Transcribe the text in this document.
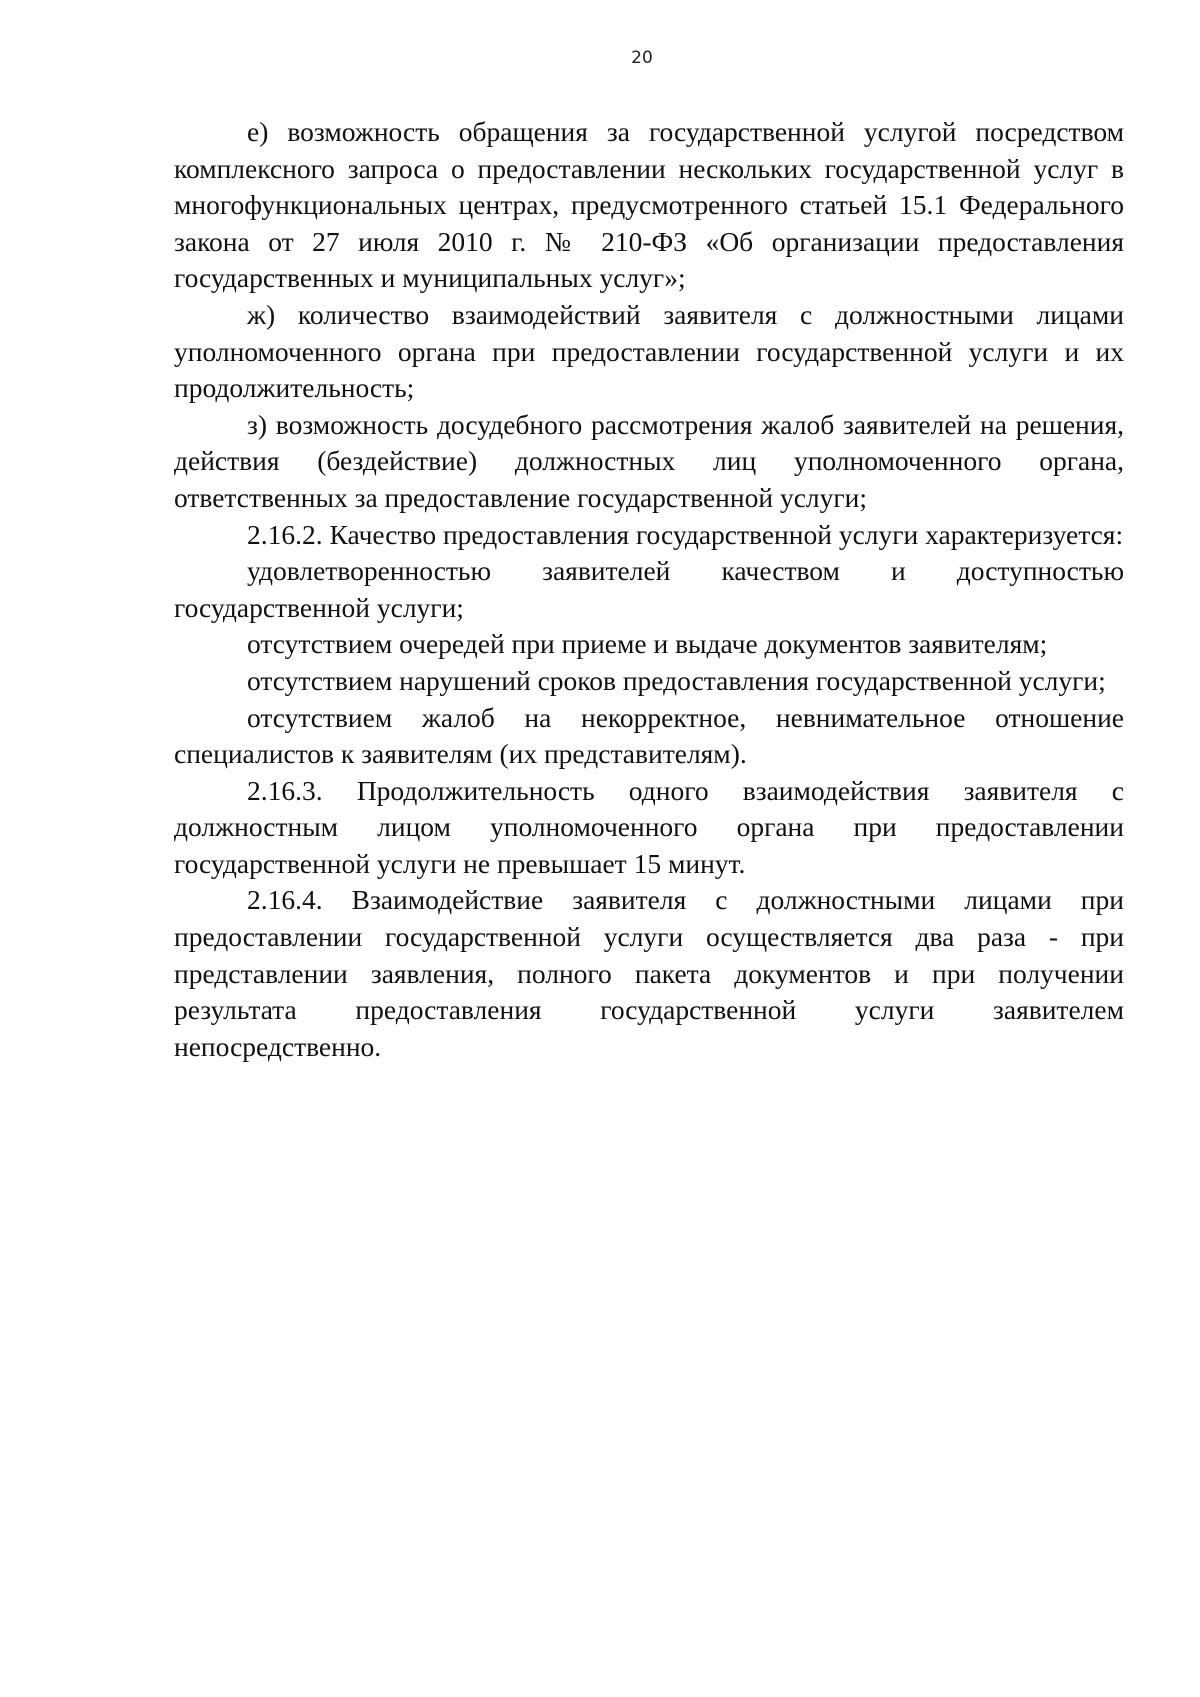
20

е) возможность обращения за государственной услугой посредством комплексного запроса о предоставлении нескольких государственной услуг в многофункциональных центрах, предусмотренного статьей 15.1 Федерального закона от 27 июля 2010 г. № 210-ФЗ «Об организации предоставления государственных и муниципальных услуг»;

ж) количество взаимодействий заявителя с должностными лицами уполномоченного органа при предоставлении государственной услуги и их продолжительность;

з) возможность досудебного рассмотрения жалоб заявителей на решения, действия (бездействие) должностных лиц уполномоченного органа, ответственных за предоставление государственной услуги;

2.16.2. Качество предоставления государственной услуги характеризуется:

удовлетворенностью заявителей качеством и доступностью государственной услуги;

отсутствием очередей при приеме и выдаче документов заявителям;

отсутствием нарушений сроков предоставления государственной услуги;

отсутствием жалоб на некорректное, невнимательное отношение специалистов к заявителям (их представителям).

2.16.3. Продолжительность одного взаимодействия заявителя с должностным лицом уполномоченного органа при предоставлении государственной услуги не превышает 15 минут.

2.16.4. Взаимодействие заявителя с должностными лицами при предоставлении государственной услуги осуществляется два раза - при представлении заявления, полного пакета документов и при получении результата предоставления государственной услуги заявителем непосредственно.
